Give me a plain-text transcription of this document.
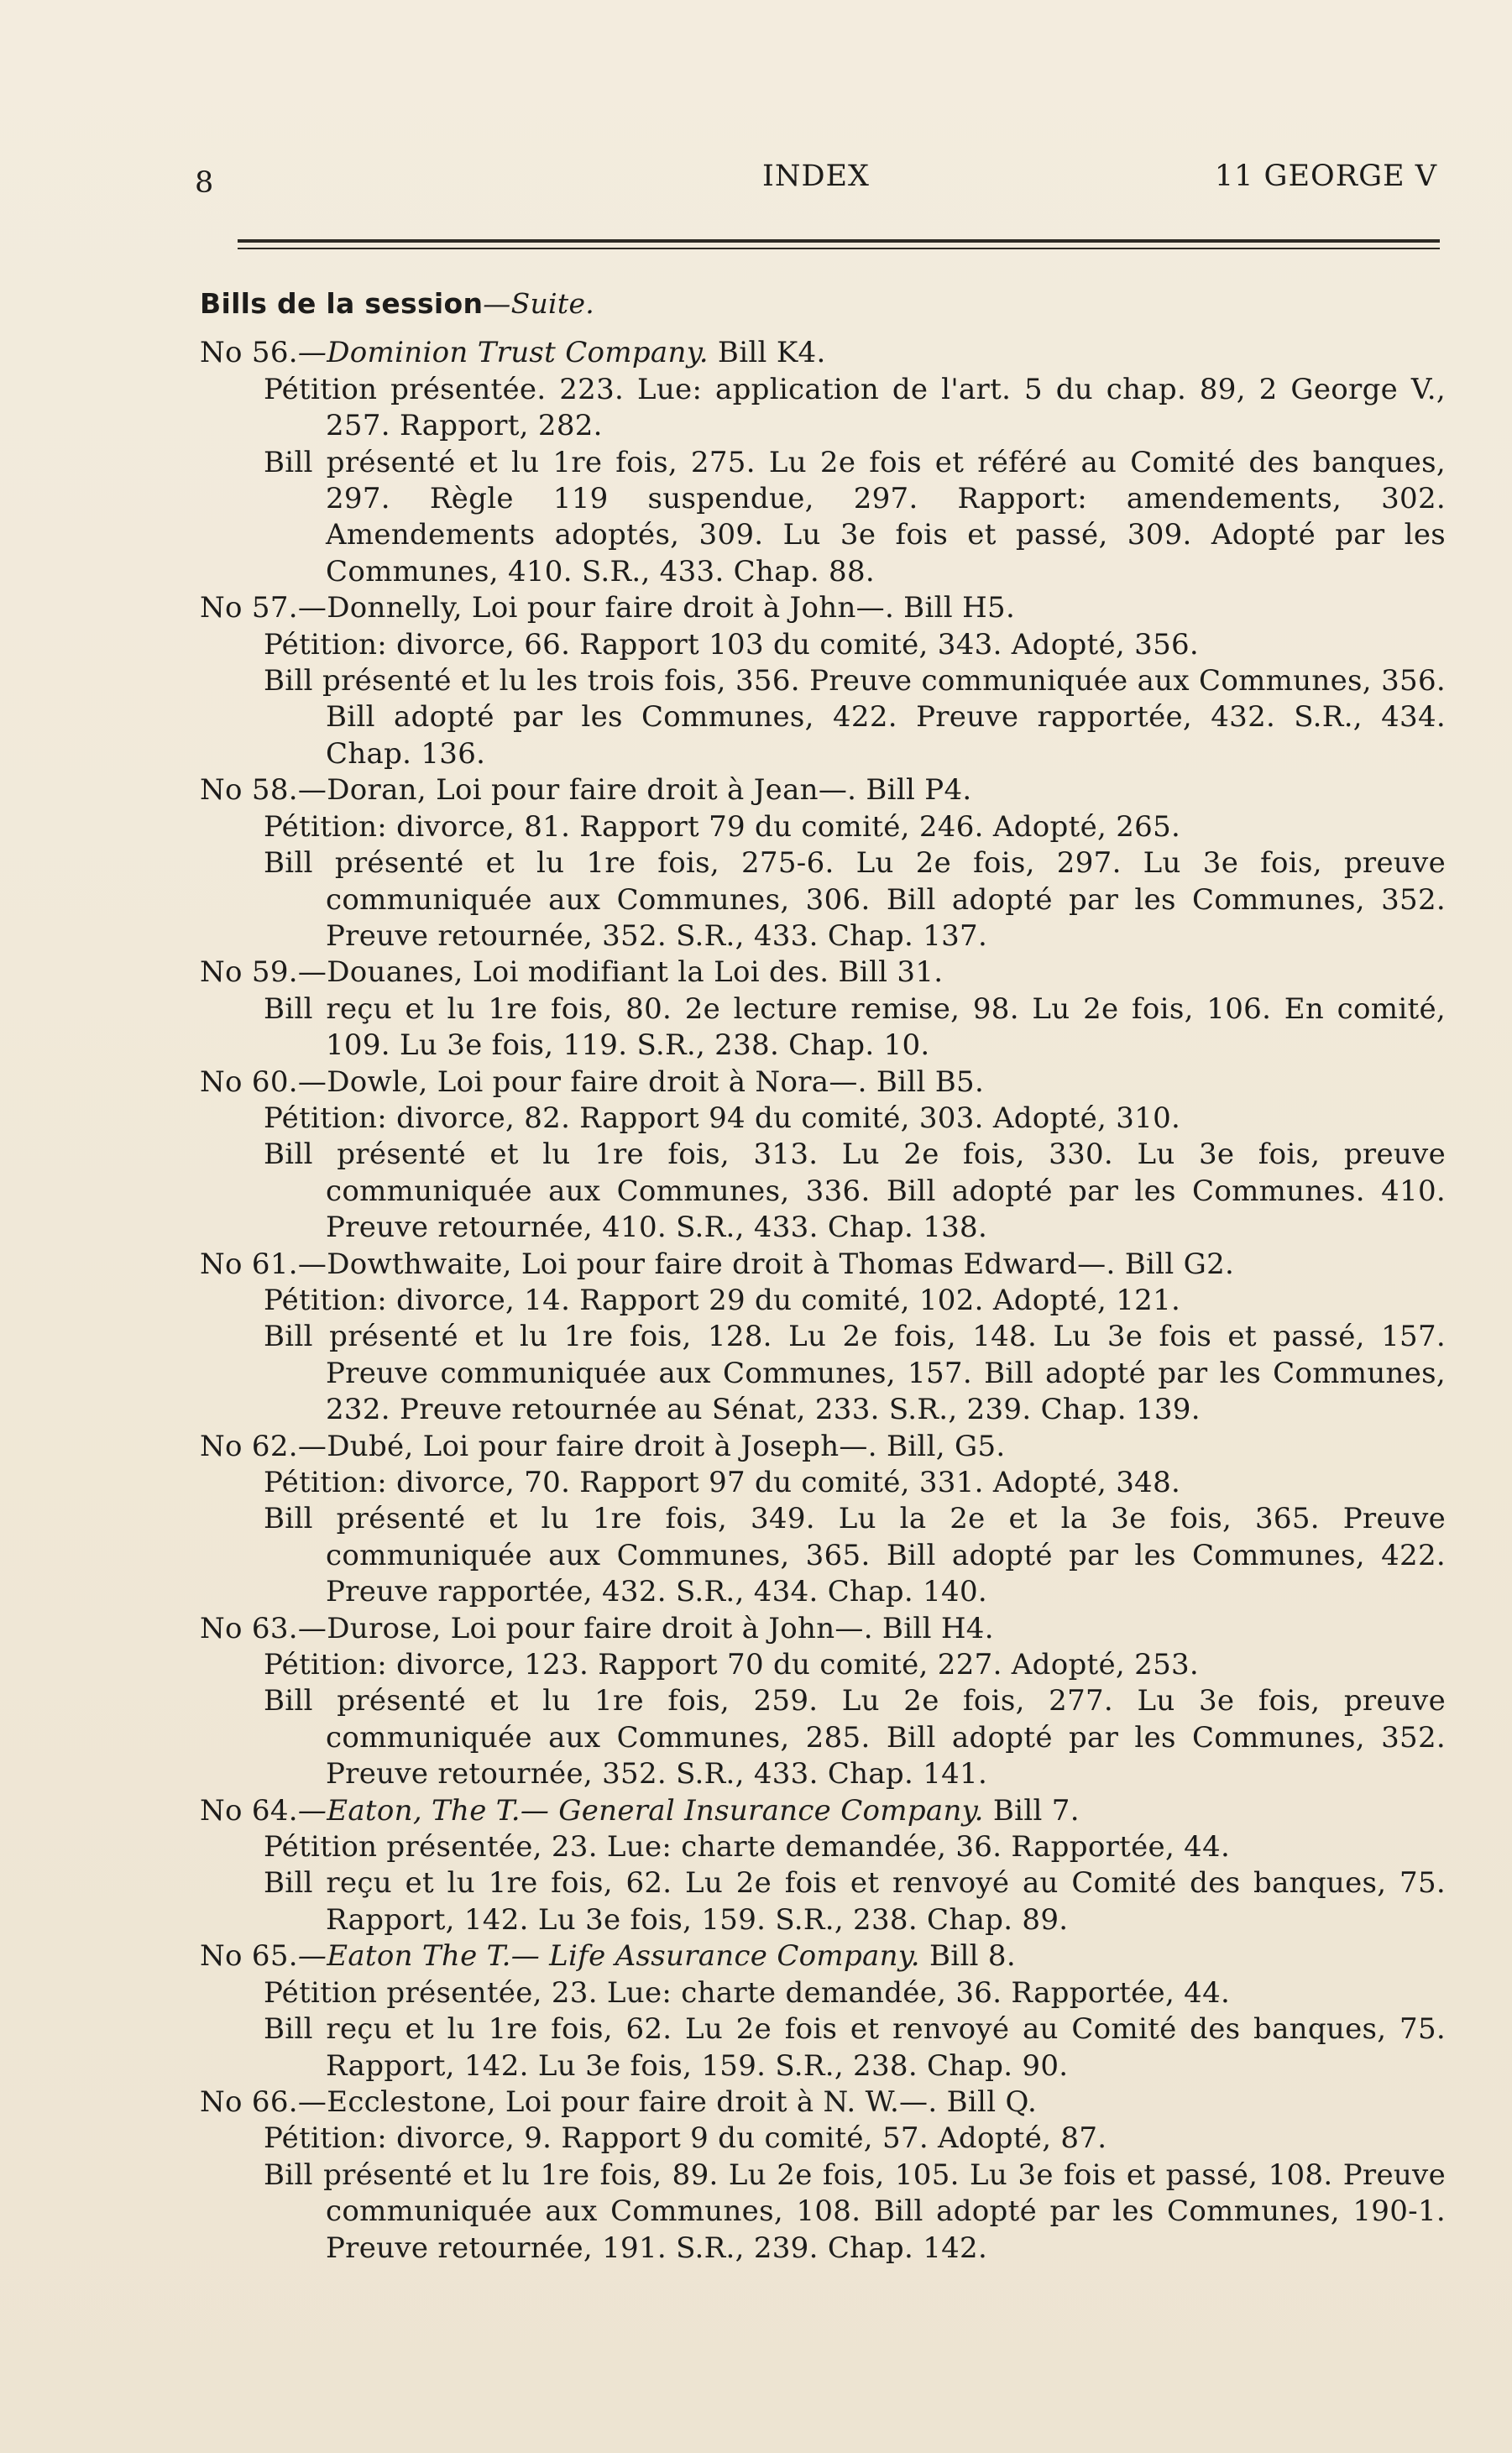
8	INDEX	11 GEORGE V
Bills de la session—Suite.
No 56.—Dominion Trust Company. Bill K4.
Pétition présentée. 223. Lue: application de l'art. 5 du chap. 89, 2 George V., 257. Rapport, 282.
Bill présenté et lu 1re fois, 275. Lu 2e fois et référé au Comité des banques, 297. Règle 119 suspendue, 297. Rapport: amendements, 302. Amendements adoptés, 309. Lu 3e fois et passé, 309. Adopté par les Communes, 410. S.R., 433. Chap. 88.
No 57.—Donnelly, Loi pour faire droit à John—. Bill H5.
Pétition: divorce, 66. Rapport 103 du comité, 343. Adopté, 356.
Bill présenté et lu les trois fois, 356. Preuve communiquée aux Communes, 356. Bill adopté par les Communes, 422. Preuve rapportée, 432. S.R., 434. Chap. 136.
No 58.—Doran, Loi pour faire droit à Jean—. Bill P4.
Pétition: divorce, 81. Rapport 79 du comité, 246. Adopté, 265.
Bill présenté et lu 1re fois, 275-6. Lu 2e fois, 297. Lu 3e fois, preuve communiquée aux Communes, 306. Bill adopté par les Communes, 352. Preuve retournée, 352. S.R., 433. Chap. 137.
No 59.—Douanes, Loi modifiant la Loi des. Bill 31.
Bill reçu et lu 1re fois, 80. 2e lecture remise, 98. Lu 2e fois, 106. En comité, 109. Lu 3e fois, 119. S.R., 238. Chap. 10.
No 60.—Dowle, Loi pour faire droit à Nora—. Bill B5.
Pétition: divorce, 82. Rapport 94 du comité, 303. Adopté, 310.
Bill présenté et lu 1re fois, 313. Lu 2e fois, 330. Lu 3e fois, preuve communiquée aux Communes, 336. Bill adopté par les Communes. 410. Preuve retournée, 410. S.R., 433. Chap. 138.
No 61.—Dowthwaite, Loi pour faire droit à Thomas Edward—. Bill G2.
Pétition: divorce, 14. Rapport 29 du comité, 102. Adopté, 121.
Bill présenté et lu 1re fois, 128. Lu 2e fois, 148. Lu 3e fois et passé, 157. Preuve communiquée aux Communes, 157. Bill adopté par les Communes, 232. Preuve retournée au Sénat, 233. S.R., 239. Chap. 139.
No 62.—Dubé, Loi pour faire droit à Joseph—. Bill, G5.
Pétition: divorce, 70. Rapport 97 du comité, 331. Adopté, 348.
Bill présenté et lu 1re fois, 349. Lu la 2e et la 3e fois, 365. Preuve communiquée aux Communes, 365. Bill adopté par les Communes, 422. Preuve rapportée, 432. S.R., 434. Chap. 140.
No 63.—Durose, Loi pour faire droit à John—. Bill H4.
Pétition: divorce, 123. Rapport 70 du comité, 227. Adopté, 253.
Bill présenté et lu 1re fois, 259. Lu 2e fois, 277. Lu 3e fois, preuve communiquée aux Communes, 285. Bill adopté par les Communes, 352. Preuve retournée, 352. S.R., 433. Chap. 141.
No 64.—Eaton, The T.— General Insurance Company. Bill 7.
Pétition présentée, 23. Lue: charte demandée, 36. Rapportée, 44.
Bill reçu et lu 1re fois, 62. Lu 2e fois et renvoyé au Comité des banques, 75. Rapport, 142. Lu 3e fois, 159. S.R., 238. Chap. 89.
No 65.—Eaton The T.— Life Assurance Company. Bill 8.
Pétition présentée, 23. Lue: charte demandée, 36. Rapportée, 44.
Bill reçu et lu 1re fois, 62. Lu 2e fois et renvoyé au Comité des banques, 75. Rapport, 142. Lu 3e fois, 159. S.R., 238. Chap. 90.
No 66.—Ecclestone, Loi pour faire droit à N. W.—. Bill Q.
Pétition: divorce, 9. Rapport 9 du comité, 57. Adopté, 87.
Bill présenté et lu 1re fois, 89. Lu 2e fois, 105. Lu 3e fois et passé, 108. Preuve communiquée aux Communes, 108. Bill adopté par les Communes, 190-1. Preuve retournée, 191. S.R., 239. Chap. 142.
